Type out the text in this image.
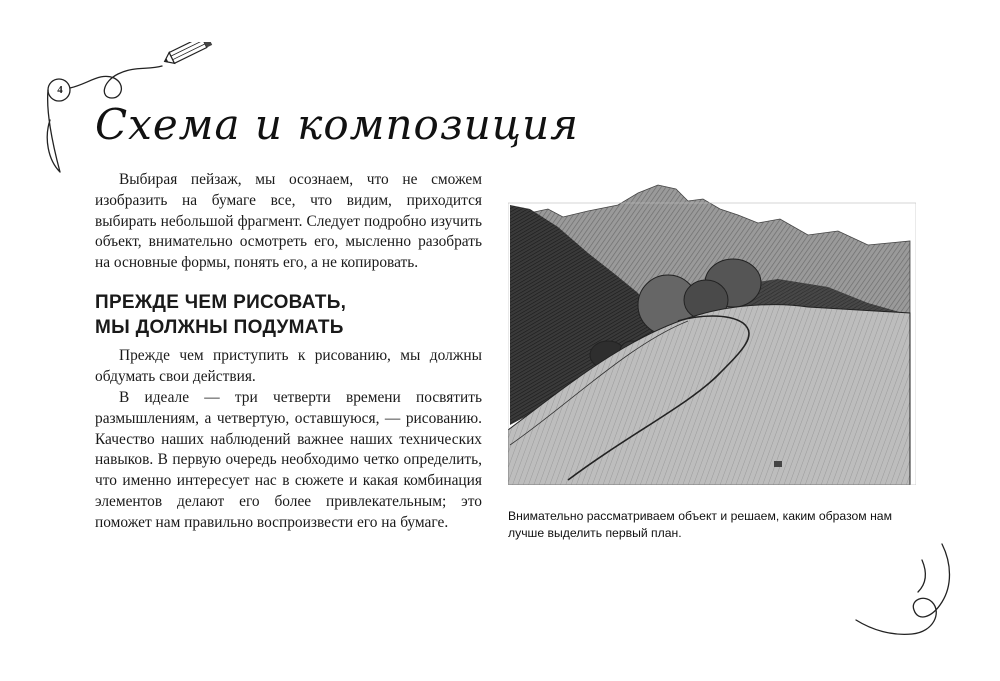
4
Схема и композиция

Выбирая пейзаж, мы осознаем, что не сможем изобразить на бумаге все, что видим, приходится выбирать небольшой фрагмент. Следует подробно изучить объект, внимательно осмотреть его, мысленно разобрать на основные формы, понять его, а не копировать.

ПРЕЖДЕ ЧЕМ РИСОВАТЬ,
МЫ ДОЛЖНЫ ПОДУМАТЬ

Прежде чем приступить к рисованию, мы должны обдумать свои действия.

В идеале — три четверти времени посвятить размышлениям, а четвертую, оставшуюся, — рисованию. Качество наших наблюдений важнее наших технических навыков. В первую очередь необходимо четко определить, что именно интересует нас в сюжете и какая комбинация элементов делают его более привлекательным; это поможет нам правильно воспроизвести его на бумаге.	Внимательно рассматриваем объект и решаем, каким образом нам лучше выделить первый план.
